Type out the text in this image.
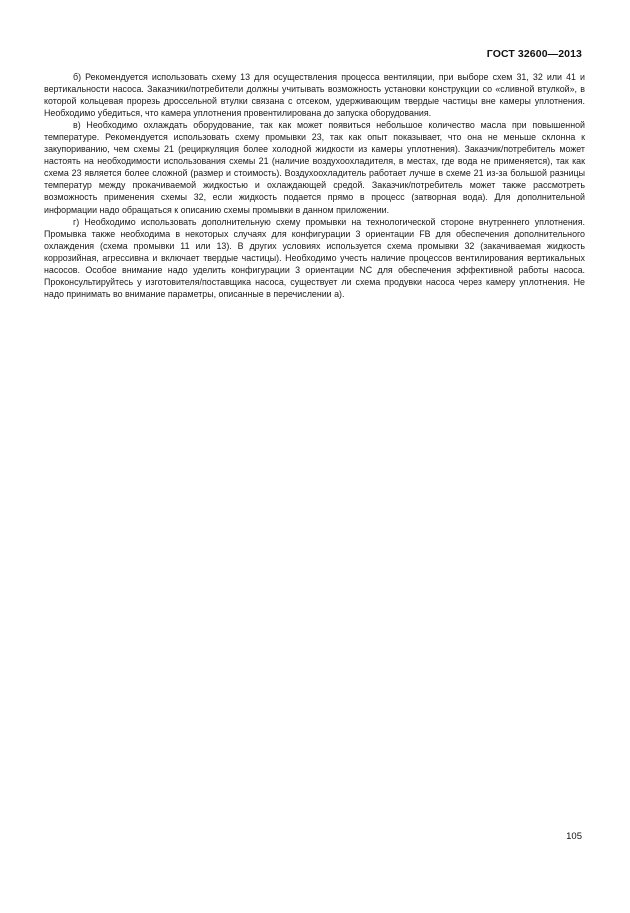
ГОСТ 32600—2013

б) Рекомендуется использовать схему 13 для осуществления процесса вентиляции, при выборе схем 31, 32 или 41 и вертикальности насоса. Заказчики/потребители должны учитывать возможность установки конструкции со «сливной втулкой», в которой кольцевая прорезь дроссельной втулки связана с отсеком, удерживающим твердые частицы вне камеры уплотнения. Необходимо убедиться, что камера уплотнения провентилирована до запуска оборудования.

в) Необходимо охлаждать оборудование, так как может появиться небольшое количество масла при повышенной температуре. Рекомендуется использовать схему промывки 23, так как опыт показывает, что она не меньше склонна к закупориванию, чем схемы 21 (рециркуляция более холодной жидкости из камеры уплотнения). Заказчик/потребитель может настоять на необходимости использования схемы 21 (наличие воздухоохладителя, в местах, где вода не применяется), так как схема 23 является более сложной (размер и стоимость). Воздухоохладитель работает лучше в схеме 21 из-за большой разницы температур между прокачиваемой жидкостью и охлаждающей средой. Заказчик/потребитель может также рассмотреть возможность применения схемы 32, если жидкость подается прямо в процесс (затворная вода). Для дополнительной информации надо обращаться к описанию схемы промывки в данном приложении.

г) Необходимо использовать дополнительную схему промывки на технологической стороне внутреннего уплотнения. Промывка также необходима в некоторых случаях для конфигурации 3 ориентации FB для обеспечения дополнительного охлаждения (схема промывки 11 или 13). В других условиях используется схема промывки 32 (закачиваемая жидкость коррозийная, агрессивна и включает твердые частицы). Необходимо учесть наличие процессов вентилирования вертикальных насосов. Особое внимание надо уделить конфигурации 3 ориентации NC для обеспечения эффективной работы насоса. Проконсультируйтесь у изготовителя/поставщика насоса, существует ли схема продувки насоса через камеру уплотнения. Не надо принимать во внимание параметры, описанные в перечислении а).

105
